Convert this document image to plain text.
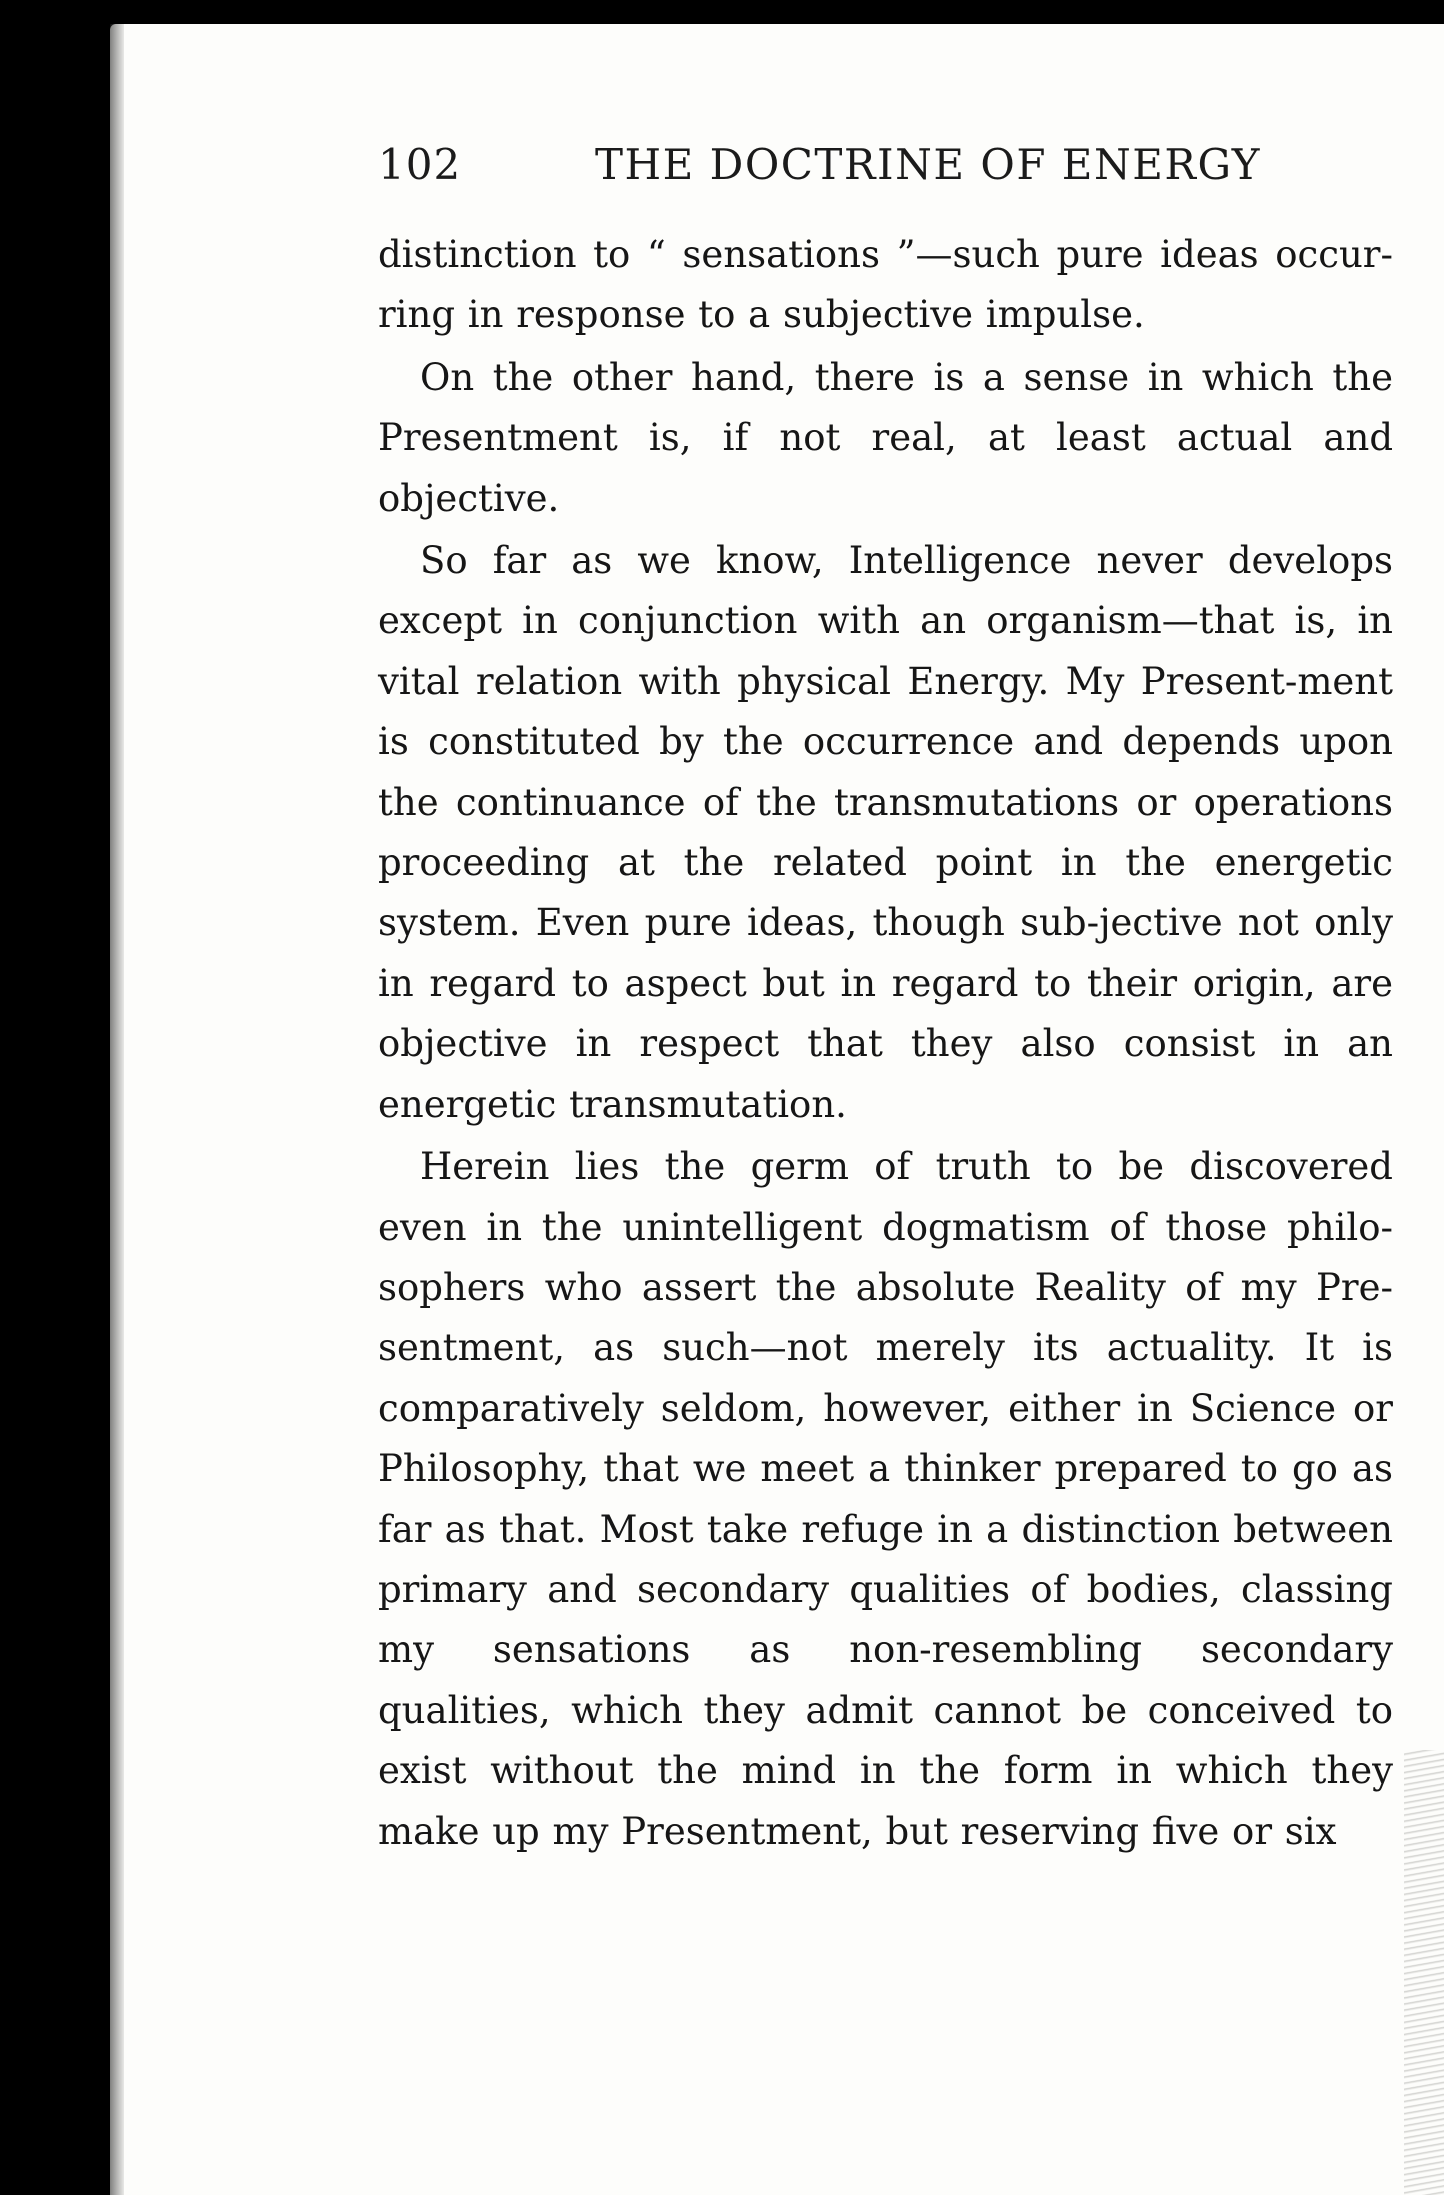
102	THE DOCTRINE OF ENERGY

distinction to “ sensations ”—such pure ideas occur-ring in response to a subjective impulse.

On the other hand, there is a sense in which the Presentment is, if not real, at least actual and objective.

So far as we know, Intelligence never develops except in conjunction with an organism—that is, in vital relation with physical Energy. My Present-ment is constituted by the occurrence and depends upon the continuance of the transmutations or operations proceeding at the related point in the energetic system. Even pure ideas, though sub-jective not only in regard to aspect but in regard to their origin, are objective in respect that they also consist in an energetic transmutation.

Herein lies the germ of truth to be discovered even in the unintelligent dogmatism of those philo-sophers who assert the absolute Reality of my Pre-sentment, as such—not merely its actuality. It is comparatively seldom, however, either in Science or Philosophy, that we meet a thinker prepared to go as far as that. Most take refuge in a distinction between primary and secondary qualities of bodies, classing my sensations as non-resembling secondary qualities, which they admit cannot be conceived to exist without the mind in the form in which they make up my Presentment, but reserving five or six
